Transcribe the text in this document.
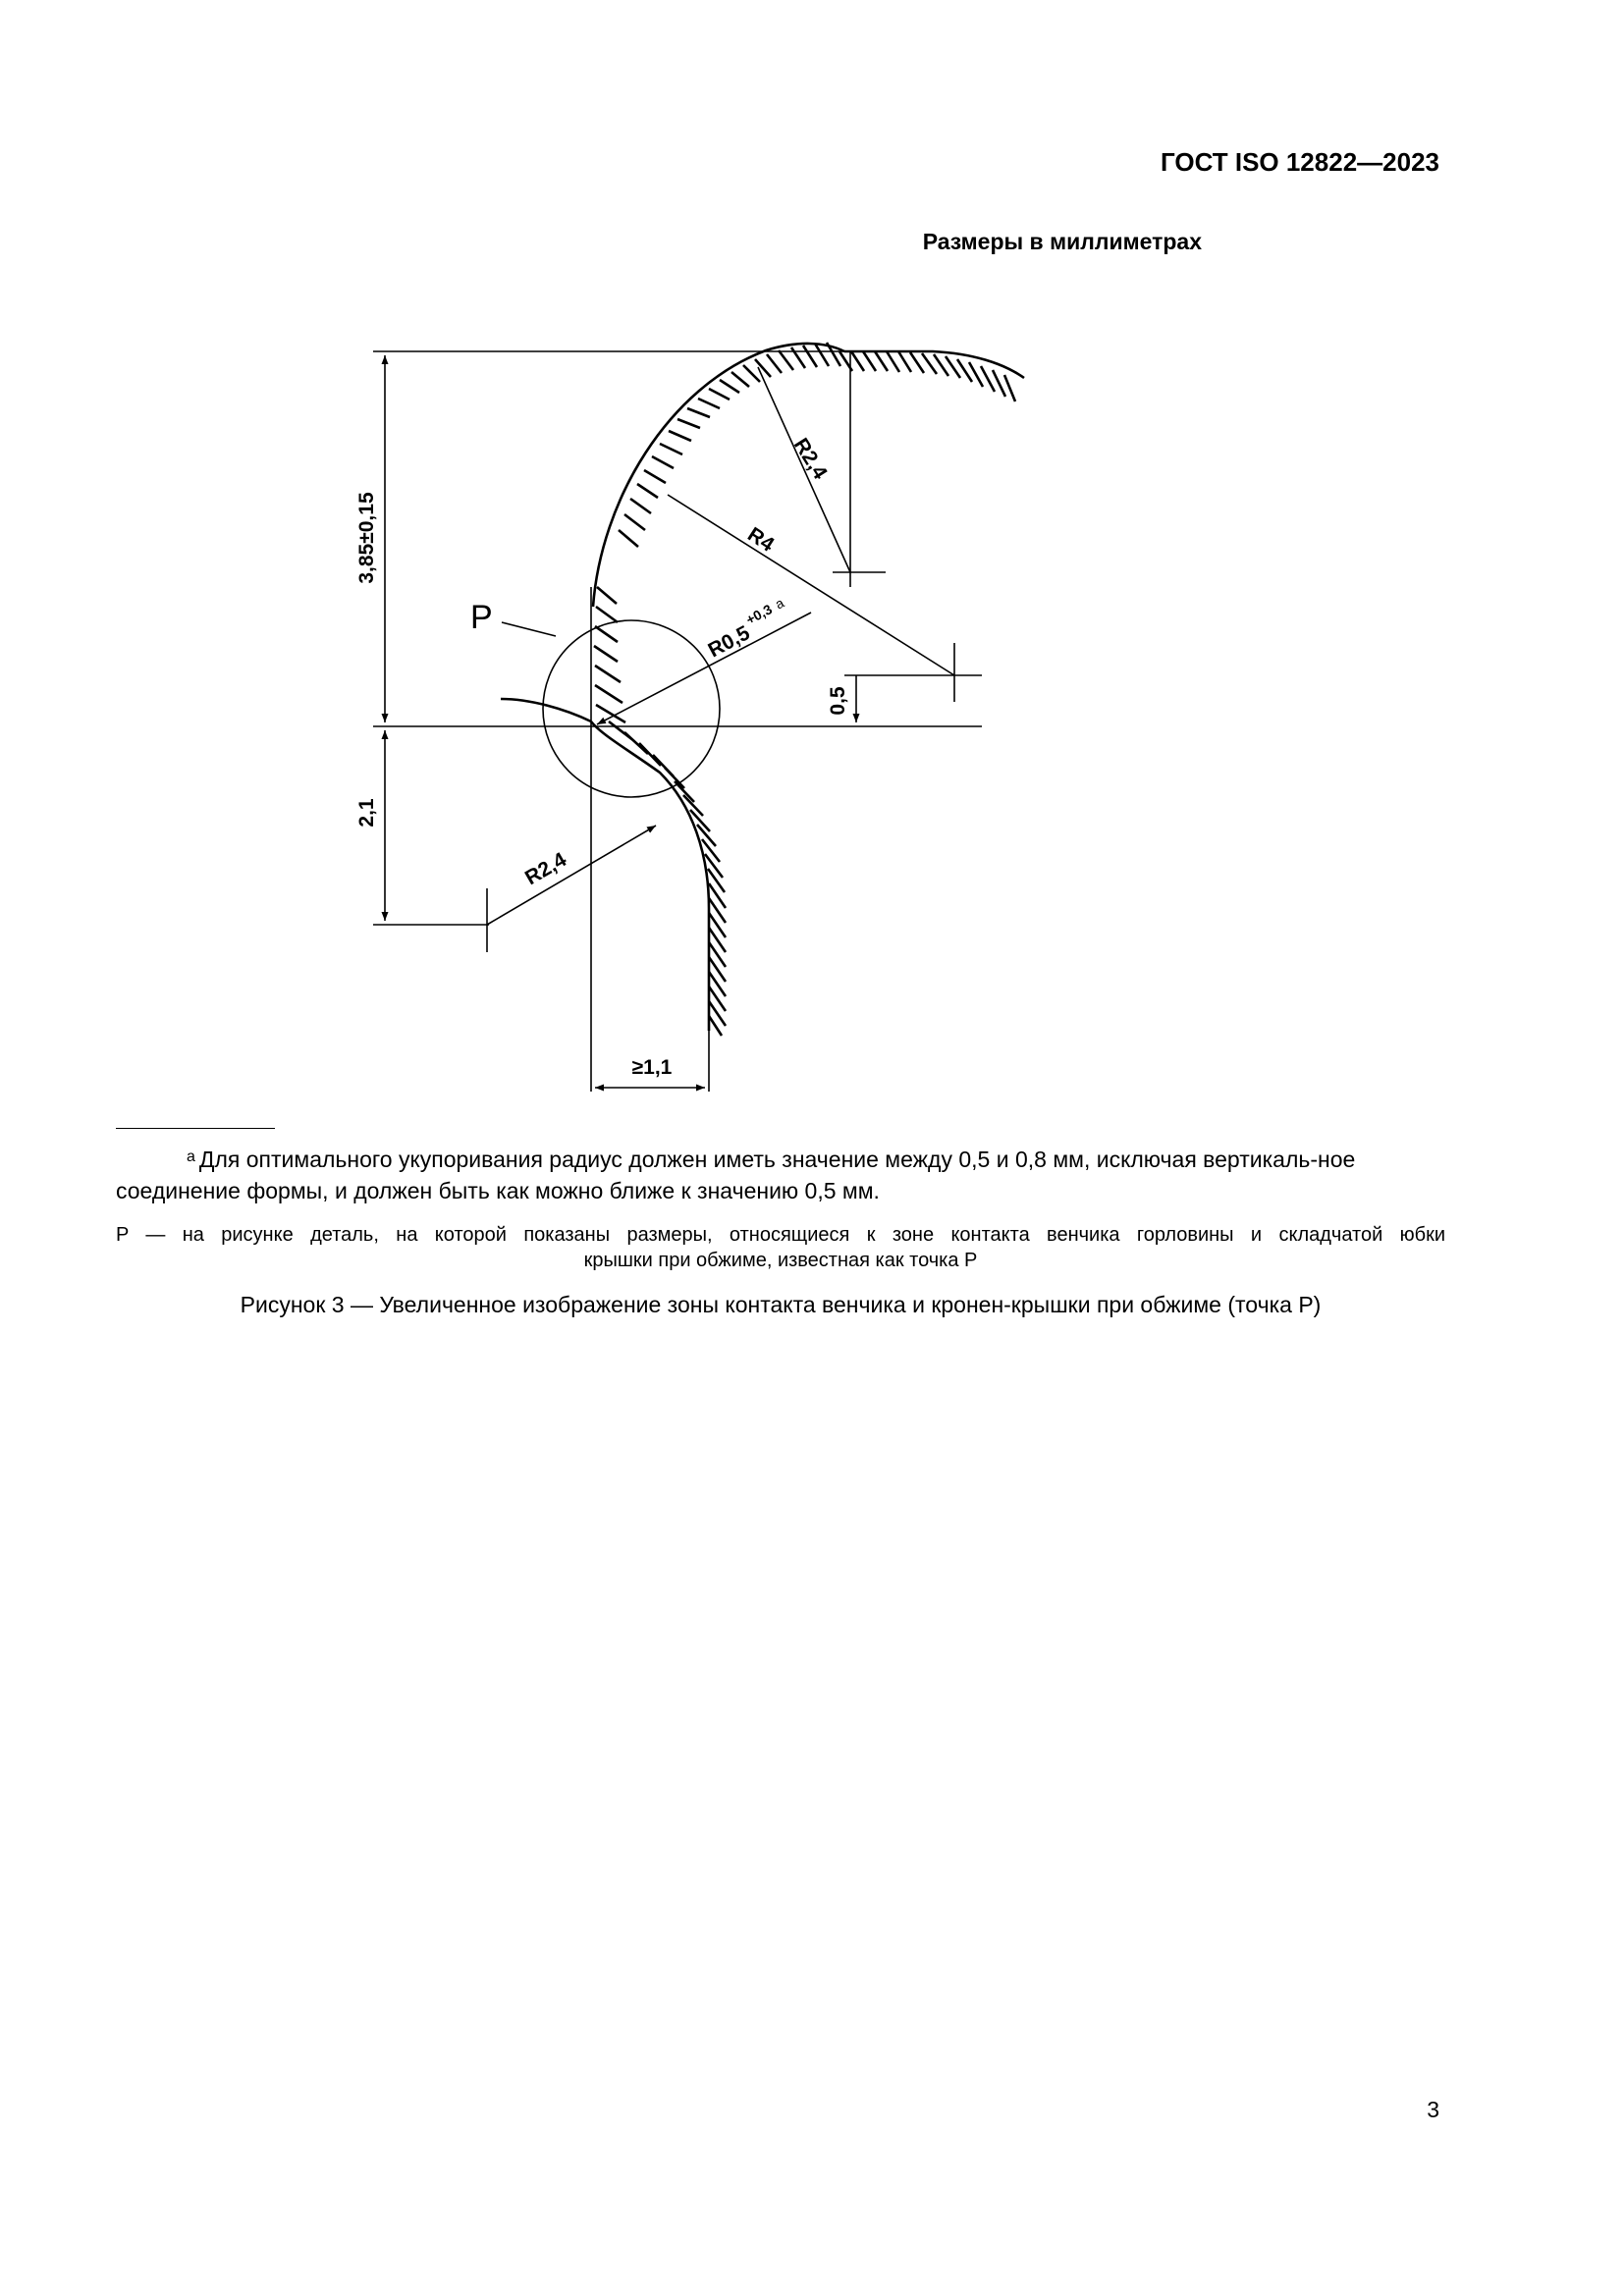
ГОСТ ISO 12822—2023
Размеры в миллиметрах
P
3,85±0,15
2,1
0,5
≥1,1
R2,4
R4
$R0,5^{+0,3}a$
R2,4
$^a$ Для оптимального укупоривания радиус должен иметь значение между 0,5 и 0,8 мм, исключая вертикаль-ное соединение формы, и должен быть как можно ближе к значению 0,5 мм.
P — на рисунке деталь, на которой показаны размеры, относящиеся к зоне контакта венчика горловины и складчатой юбки
крышки при обжиме, известная как точка P
Рисунок 3 — Увеличенное изображение зоны контакта венчика и кронен-крышки при обжиме (точка P)
3
